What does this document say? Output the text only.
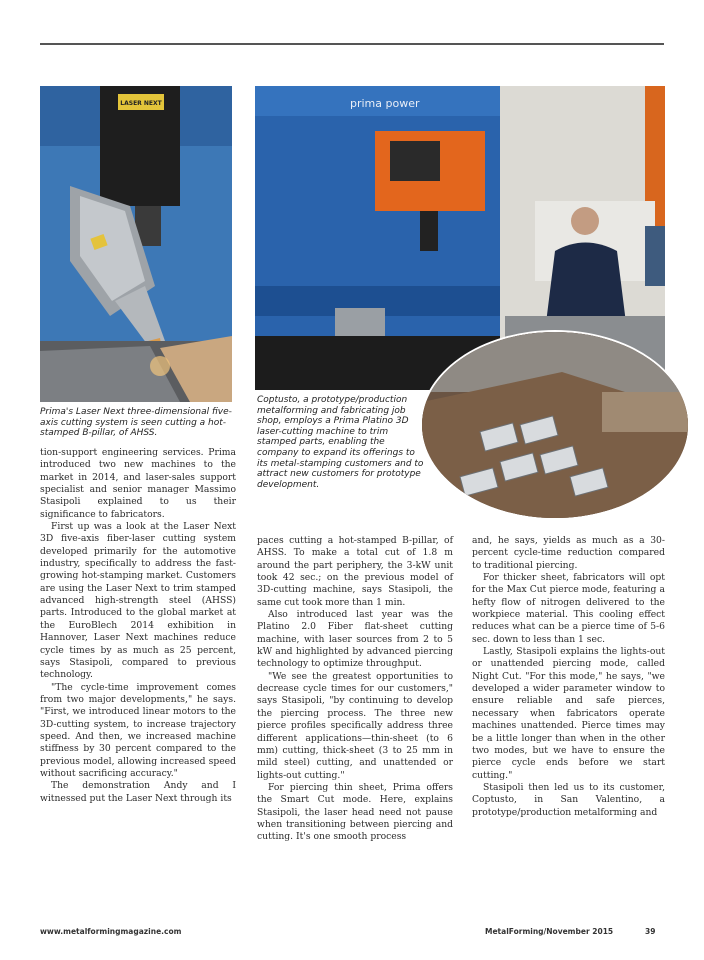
LASER NEXT	prima power
Prima's Laser Next three-dimensional five-axis cutting system is seen cutting a hot-stamped B-pillar, of AHSS.
Coptusto, a prototype/production metalforming and fabricating job shop, employs a Prima Platino 3D laser-cutting machine to trim stamped parts, enabling the company to expand its offerings to its metal-stamping customers and to attract new customers for prototype development.

tion-support engineering services. Prima introduced two new machines to the market in 2014, and laser-sales support specialist and senior manager Massimo Stasipoli explained to us their significance to fabricators.

First up was a look at the Laser Next 3D five-axis fiber-laser cutting system developed primarily for the automotive industry, specifically to address the fast-growing hot-stamping market. Customers are using the Laser Next to trim stamped advanced high-strength steel (AHSS) parts. Introduced to the global market at the EuroBlech 2014 exhibition in Hannover, Laser Next machines reduce cycle times by as much as 25 percent, says Stasipoli, compared to previous technology.

"The cycle-time improvement comes from two major developments," he says. "First, we introduced linear motors to the 3D-cutting system, to increase trajectory speed. And then, we increased machine stiffness by 30 percent compared to the previous model, allowing increased speed without sacrificing accuracy."

The demonstration Andy and I witnessed put the Laser Next through its

paces cutting a hot-stamped B-pillar, of AHSS. To make a total cut of 1.8 m around the part periphery, the 3-kW unit took 42 sec.; on the previous model of 3D-cutting machine, says Stasipoli, the same cut took more than 1 min.

Also introduced last year was the Platino 2.0 Fiber flat-sheet cutting machine, with laser sources from 2 to 5 kW and highlighted by advanced piercing technology to optimize throughput.

"We see the greatest opportunities to decrease cycle times for our customers," says Stasipoli, "by continuing to develop the piercing process. The three new pierce profiles specifically address three different applications—thin-sheet (to 6 mm) cutting, thick-sheet (3 to 25 mm in mild steel) cutting, and unattended or lights-out cutting."

For piercing thin sheet, Prima offers the Smart Cut mode. Here, explains Stasipoli, the laser head need not pause when transitioning between piercing and cutting. It's one smooth process

and, he says, yields as much as a 30-percent cycle-time reduction compared to traditional piercing.

For thicker sheet, fabricators will opt for the Max Cut pierce mode, featuring a hefty flow of nitrogen delivered to the workpiece material. This cooling effect reduces what can be a pierce time of 5-6 sec. down to less than 1 sec.

Lastly, Stasipoli explains the lights-out or unattended piercing mode, called Night Cut. "For this mode," he says, "we developed a wider parameter window to ensure reliable and safe pierces, necessary when fabricators operate machines unattended. Pierce times may be a little longer than when in the other two modes, but we have to ensure the pierce cycle ends before we start cutting."

Stasipoli then led us to its customer, Coptusto, in San Valentino, a prototype/production metalforming and

www.metalformingmagazine.com	MetalForming/November 2015	39
